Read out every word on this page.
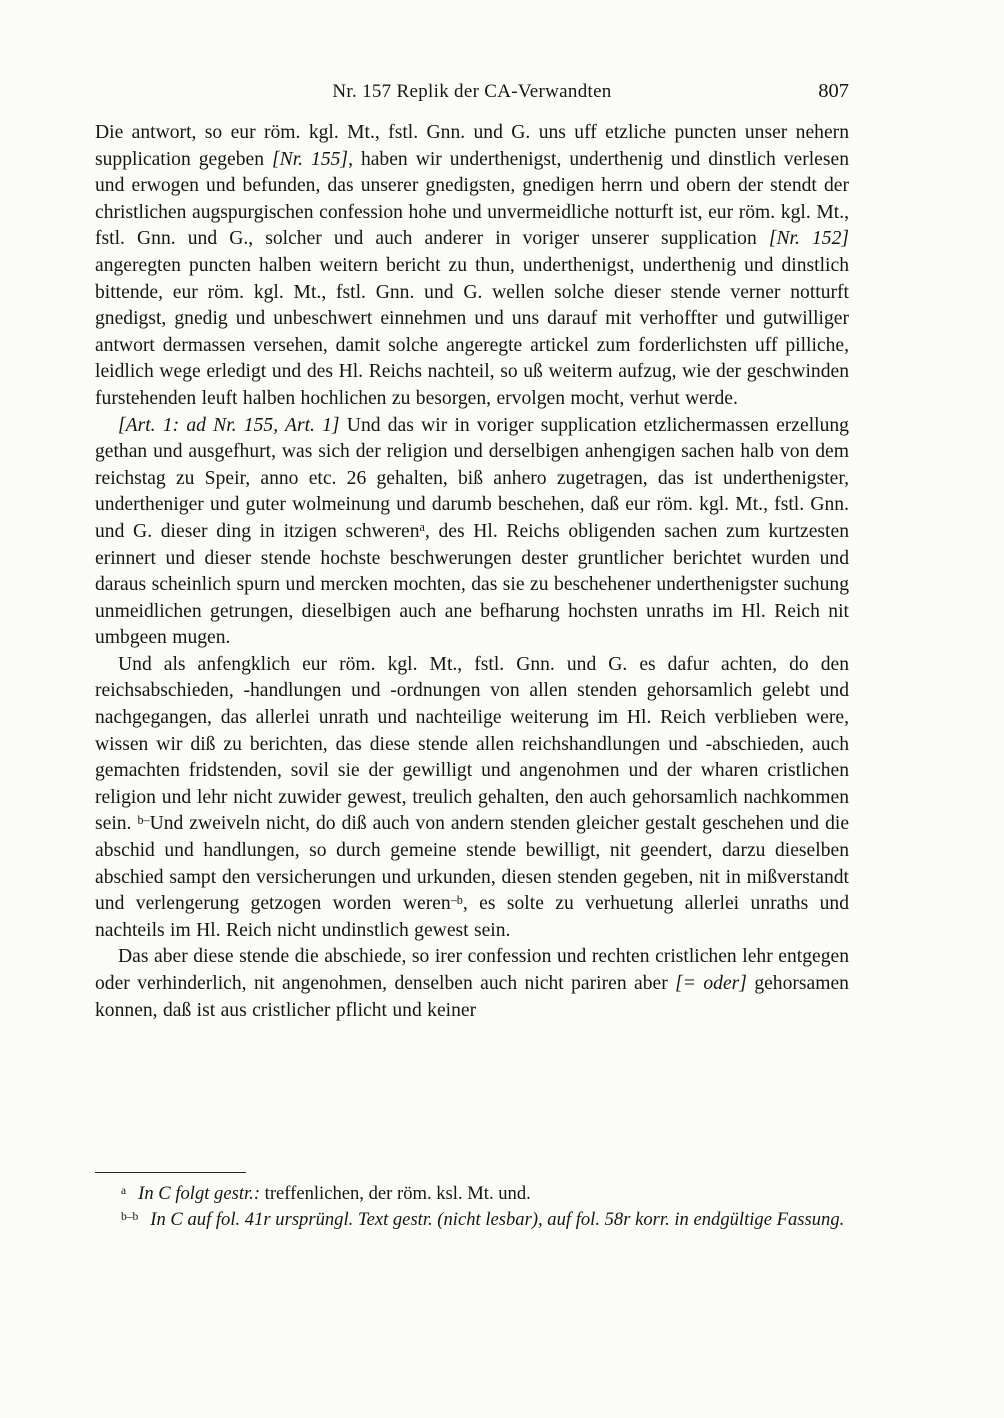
Nr. 157 Replik der CA-Verwandten	807

Die antwort, so eur röm. kgl. Mt., fstl. Gnn. und G. uns uff etzliche puncten unser nehern supplication gegeben [Nr. 155], haben wir underthenigst, underthenig und dinstlich verlesen und erwogen und befunden, das unserer gnedigsten, gnedigen herrn und obern der stendt der christlichen augspurgischen confession hohe und unvermeidliche notturft ist, eur röm. kgl. Mt., fstl. Gnn. und G., solcher und auch anderer in voriger unserer supplication [Nr. 152] angeregten puncten halben weitern bericht zu thun, underthenigst, underthenig und dinstlich bittende, eur röm. kgl. Mt., fstl. Gnn. und G. wellen solche dieser stende verner notturft gnedigst, gnedig und unbeschwert einnehmen und uns darauf mit verhoffter und gutwilliger antwort dermassen versehen, damit solche angeregte artickel zum forderlichsten uff pilliche, leidlich wege erledigt und des Hl. Reichs nachteil, so uß weiterm aufzug, wie der geschwinden furstehenden leuft halben hochlichen zu besorgen, ervolgen mocht, verhut werde.

[Art. 1: ad Nr. 155, Art. 1] Und das wir in voriger supplication etzlichermassen erzellung gethan und ausgefhurt, was sich der religion und derselbigen anhengigen sachen halb von dem reichstag zu Speir, anno etc. 26 gehalten, biß anhero zugetragen, das ist underthenigster, undertheniger und guter wolmeinung und darumb beschehen, daß eur röm. kgl. Mt., fstl. Gnn. und G. dieser ding in itzigen schweren$^a$, des Hl. Reichs obligenden sachen zum kurtzesten erinnert und dieser stende hochste beschwerungen dester gruntlicher berichtet wurden und daraus scheinlich spurn und mercken mochten, das sie zu beschehener underthenigster suchung unmeidlichen getrungen, dieselbigen auch ane befharung hochsten unraths im Hl. Reich nit umbgeen mugen.

Und als anfengklich eur röm. kgl. Mt., fstl. Gnn. und G. es dafur achten, do den reichsabschieden, -handlungen und -ordnungen von allen stenden gehorsamlich gelebt und nachgegangen, das allerlei unrath und nachteilige weiterung im Hl. Reich verblieben were, wissen wir diß zu berichten, das diese stende allen reichshandlungen und -abschieden, auch gemachten fridstenden, sovil sie der gewilligt und angenohmen und der wharen cristlichen religion und lehr nicht zuwider gewest, treulich gehalten, den auch gehorsamlich nachkommen sein. $^{b-}$Und zweiveln nicht, do diß auch von andern stenden gleicher gestalt geschehen und die abschid und handlungen, so durch gemeine stende bewilligt, nit geendert, darzu dieselben abschied sampt den versicherungen und urkunden, diesen stenden gegeben, nit in mißverstandt und verlengerung getzogen worden weren$^{-b}$, es solte zu verhuetung allerlei unraths und nachteils im Hl. Reich nicht undinstlich gewest sein.

Das aber diese stende die abschiede, so irer confession und rechten cristlichen lehr entgegen oder verhinderlich, nit angenohmen, denselben auch nicht pariren aber [= oder] gehorsamen konnen, daß ist aus cristlicher pflicht und keiner

$^a$ In C folgt gestr.: treffenlichen, der röm. ksl. Mt. und.

$^{b-b}$ In C auf fol. 41r ursprüngl. Text gestr. (nicht lesbar), auf fol. 58r korr. in endgültige Fassung.
